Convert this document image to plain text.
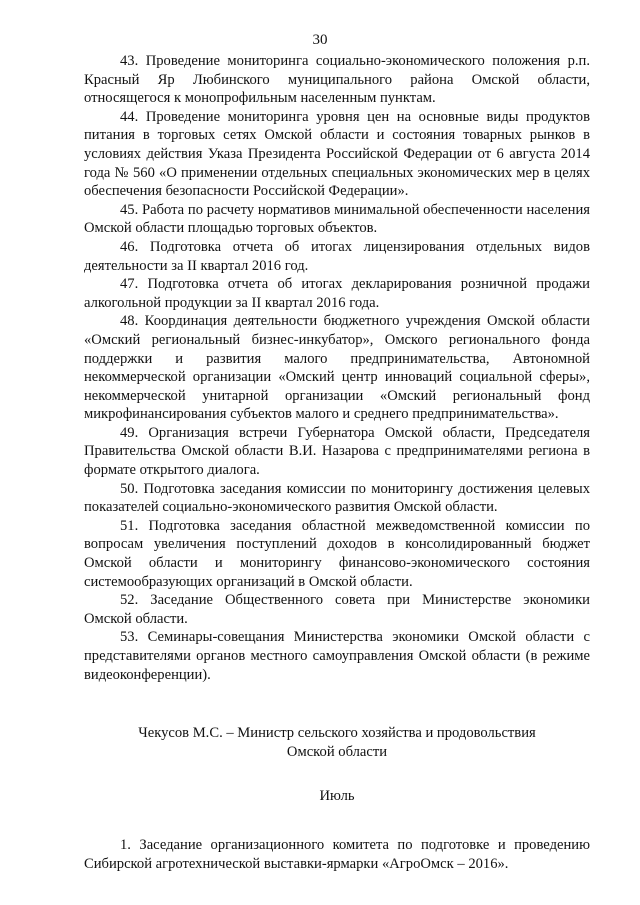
30

43. Проведение мониторинга социально-экономического положения р.п. Красный Яр Любинского муниципального района Омской области, относящегося к монопрофильным населенным пунктам.

44. Проведение мониторинга уровня цен на основные виды продуктов питания в торговых сетях Омской области и состояния товарных рынков в условиях действия Указа Президента Российской Федерации от 6 августа 2014 года № 560 «О применении отдельных специальных экономических мер в целях обеспечения безопасности Российской Федерации».

45. Работа по расчету нормативов минимальной обеспеченности населения Омской области площадью торговых объектов.

46. Подготовка отчета об итогах лицензирования отдельных видов деятельности за II квартал 2016 год.

47. Подготовка отчета об итогах декларирования розничной продажи алкогольной продукции за II квартал 2016 года.

48. Координация деятельности бюджетного учреждения Омской области «Омский региональный бизнес-инкубатор», Омского регионального фонда поддержки и развития малого предпринимательства, Автономной некоммерческой организации «Омский центр инноваций социальной сферы», некоммерческой унитарной организации «Омский региональный фонд микрофинансирования субъектов малого и среднего предпринимательства».

49. Организация встречи Губернатора Омской области, Председателя Правительства Омской области В.И. Назарова с предпринимателями региона в формате открытого диалога.

50. Подготовка заседания комиссии по мониторингу достижения целевых показателей социально-экономического развития Омской области.

51. Подготовка заседания областной межведомственной комиссии по вопросам увеличения поступлений доходов в консолидированный бюджет Омской области и мониторингу финансово-экономического состояния системообразующих организаций в Омской области.

52. Заседание Общественного совета при Министерстве экономики Омской области.

53. Семинары-совещания Министерства экономики Омской области с представителями органов местного самоуправления Омской области (в режиме видеоконференции).

Чекусов М.С. – Министр сельского хозяйства и продовольствия

Омской области

Июль

1. Заседание организационного комитета по подготовке и проведению Сибирской агротехнической выставки-ярмарки «АгроОмск – 2016».
